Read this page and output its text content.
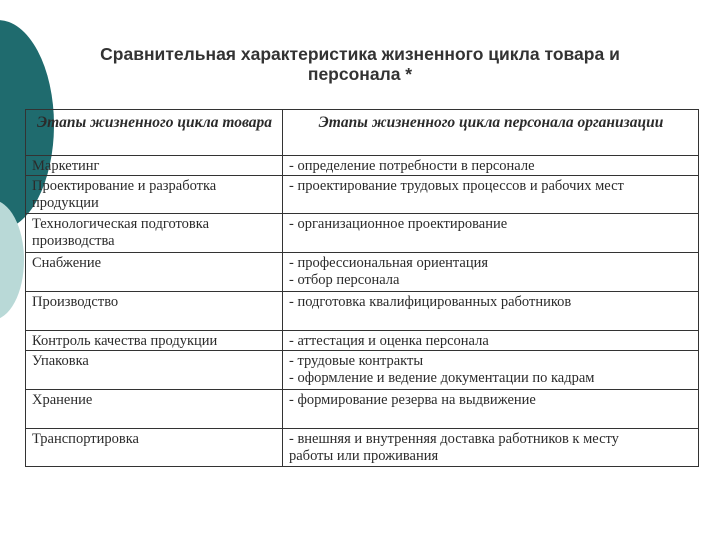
Сравнительная характеристика жизненного цикла товара и
персонала *
Этапы жизненного цикла товара	Этапы жизненного цикла персонала организации

Маркетинг	- определение потребности в персонале

Проектирование и разработка
продукции	- проектирование трудовых процессов и рабочих мест

Технологическая подготовка
производства	- организационное проектирование

Снабжение	- профессиональная ориентация
- отбор персонала

Производство	- подготовка квалифицированных работников

Контроль качества продукции	- аттестация и оценка персонала

Упаковка	- трудовые контракты
- оформление и ведение документации по кадрам

Хранение	- формирование резерва на выдвижение

Транспортировка	- внешняя и внутренняя доставка работников к месту
работы или проживания
